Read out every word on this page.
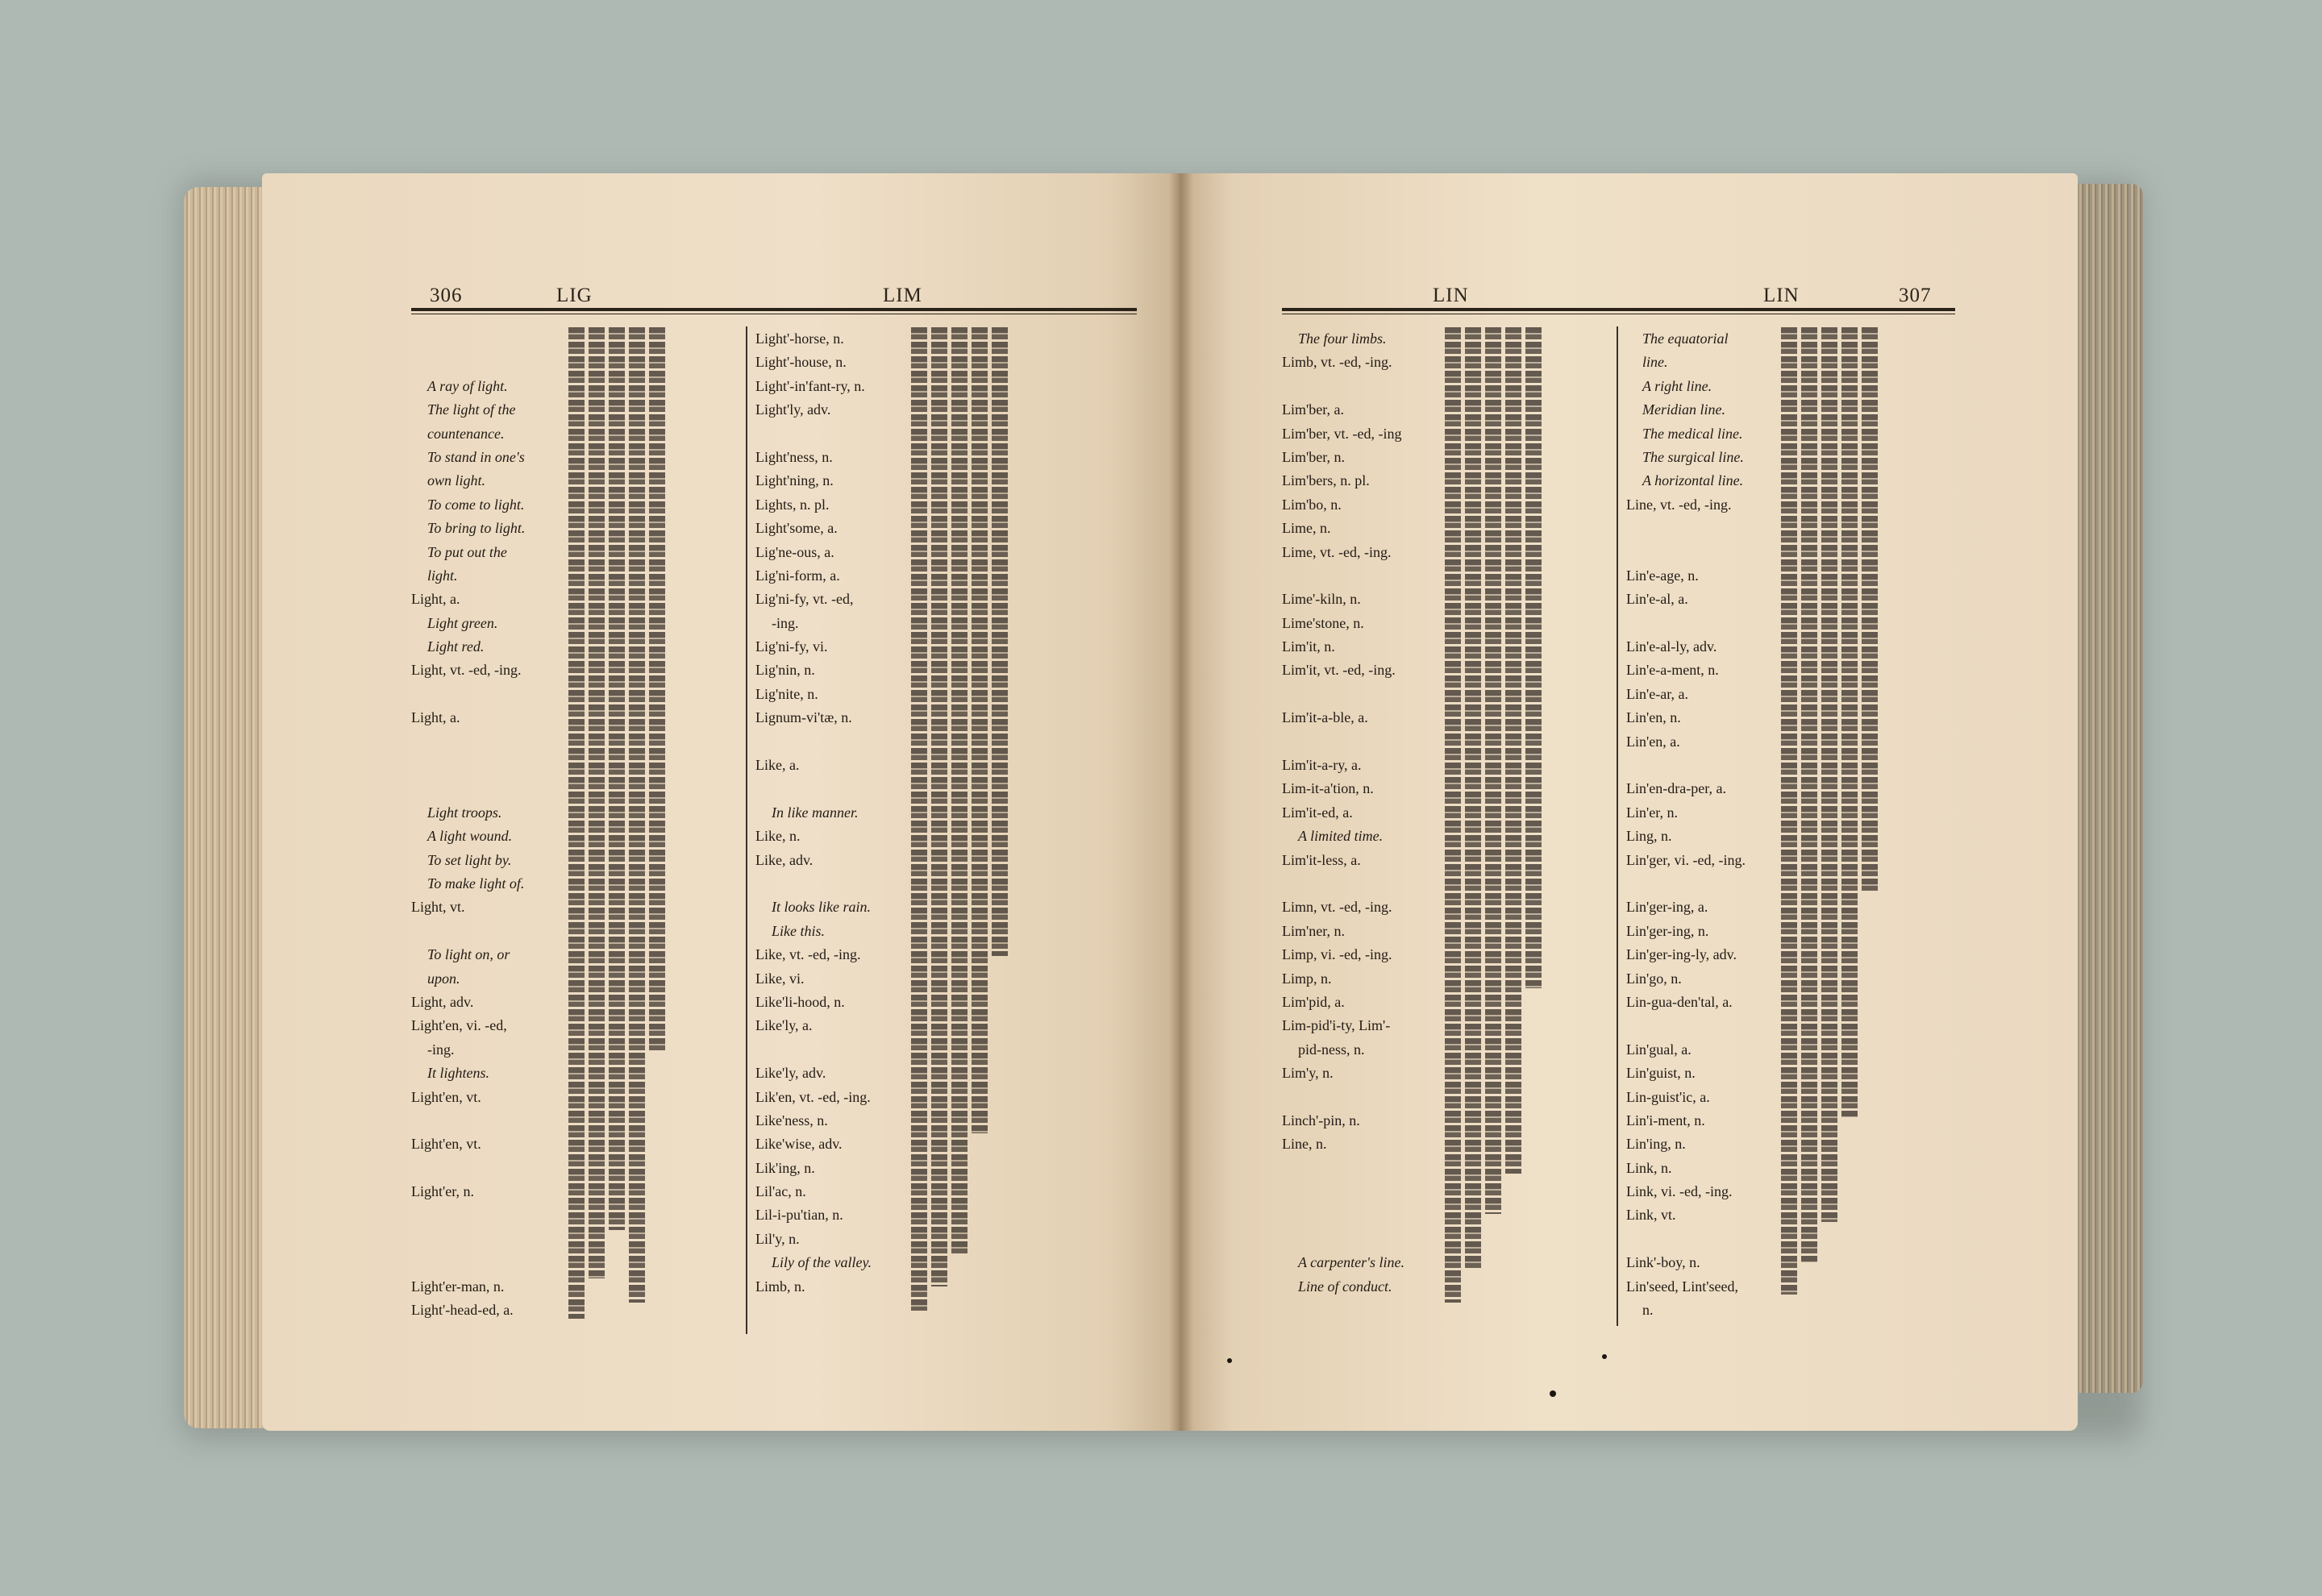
306	LIG	LIM
A ray of light.
The light of the
countenance.
To stand in one's
own light.
To come to light.
To bring to light.
To put out the
light.
Light, a.
Light green.
Light red.
Light, vt. -ed, -ing.
Light, a.
Light troops.
A light wound.
To set light by.
To make light of.
Light, vt.
To light on, or
upon.
Light, adv.
Light'en, vi. -ed,
-ing.
It lightens.
Light'en, vt.
Light'en, vt.
Light'er, n.
Light'er-man, n.
Light'-head-ed, a.
Light'-horse, n.
Light'-house, n.
Light'-in'fant-ry, n.
Light'ly, adv.
Light'ness, n.
Light'ning, n.
Lights, n. pl.
Light'some, a.
Lig'ne-ous, a.
Lig'ni-form, a.
Lig'ni-fy, vt. -ed,
-ing.
Lig'ni-fy, vi.
Lig'nin, n.
Lig'nite, n.
Lignum-vi'tæ, n.
Like, a.
In like manner.
Like, n.
Like, adv.
It looks like rain.
Like this.
Like, vt. -ed, -ing.
Like, vi.
Like'li-hood, n.
Like'ly, a.
Like'ly, adv.
Lik'en, vt. -ed, -ing.
Like'ness, n.
Like'wise, adv.
Lik'ing, n.
Lil'ac, n.
Lil-i-pu'tian, n.
Lil'y, n.
Lily of the valley.
Limb, n.
LIN	LIN	307
The four limbs.
Limb, vt. -ed, -ing.
Lim'ber, a.
Lim'ber, vt. -ed, -ing
Lim'ber, n.
Lim'bers, n. pl.
Lim'bo, n.
Lime, n.
Lime, vt. -ed, -ing.
Lime'-kiln, n.
Lime'stone, n.
Lim'it, n.
Lim'it, vt. -ed, -ing.
Lim'it-a-ble, a.
Lim'it-a-ry, a.
Lim-it-a'tion, n.
Lim'it-ed, a.
A limited time.
Lim'it-less, a.
Limn, vt. -ed, -ing.
Lim'ner, n.
Limp, vi. -ed, -ing.
Limp, n.
Lim'pid, a.
Lim-pid'i-ty, Lim'-
pid-ness, n.
Lim'y, n.
Linch'-pin, n.
Line, n.
A carpenter's line.
Line of conduct.
The equatorial
line.
A right line.
Meridian line.
The medical line.
The surgical line.
A horizontal line.
Line, vt. -ed, -ing.
Lin'e-age, n.
Lin'e-al, a.
Lin'e-al-ly, adv.
Lin'e-a-ment, n.
Lin'e-ar, a.
Lin'en, n.
Lin'en, a.
Lin'en-dra-per, a.
Lin'er, n.
Ling, n.
Lin'ger, vi. -ed, -ing.
Lin'ger-ing, a.
Lin'ger-ing, n.
Lin'ger-ing-ly, adv.
Lin'go, n.
Lin-gua-den'tal, a.
Lin'gual, a.
Lin'guist, n.
Lin-guist'ic, a.
Lin'i-ment, n.
Lin'ing, n.
Link, n.
Link, vi. -ed, -ing.
Link, vt.
Link'-boy, n.
Lin'seed, Lint'seed,
n.
